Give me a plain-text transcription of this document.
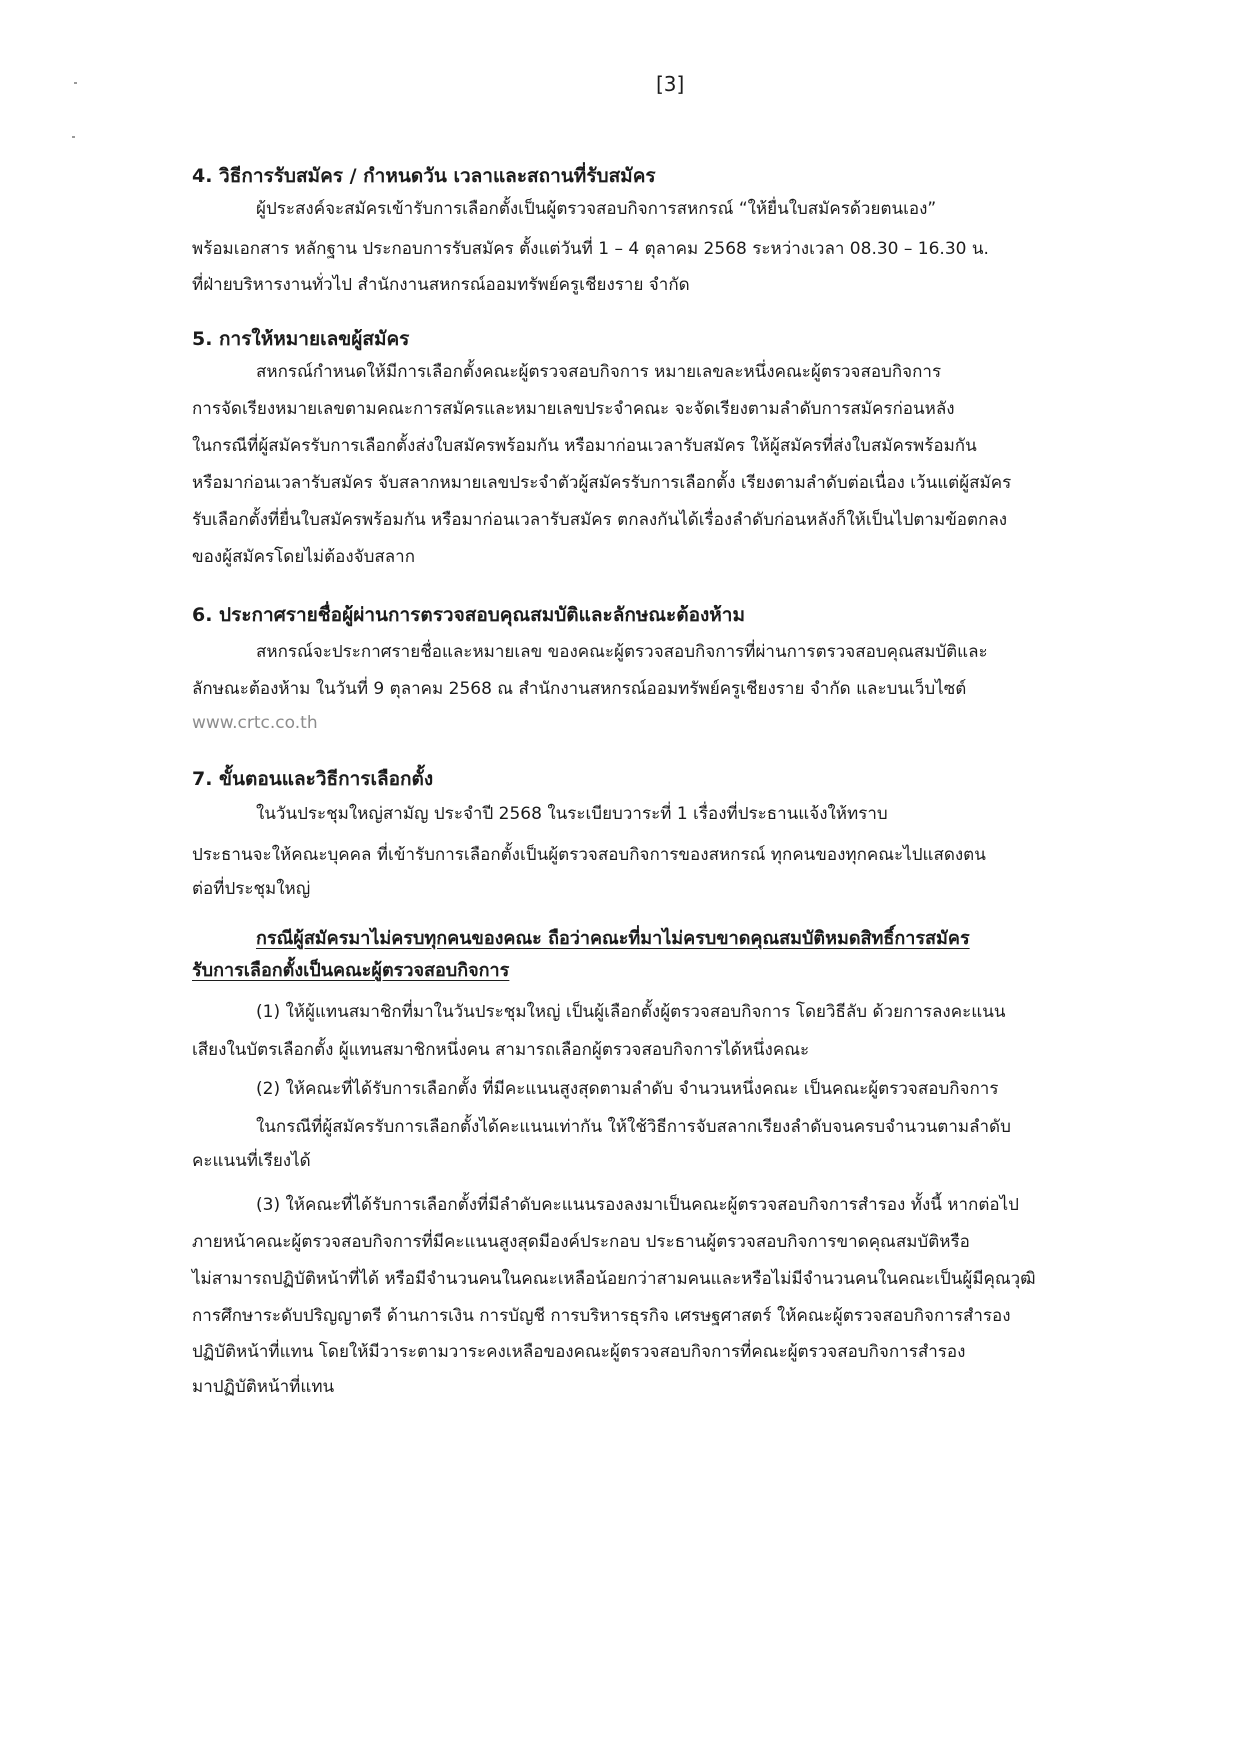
[3]
4. วิธีการรับสมัคร / กำหนดวัน เวลาและสถานที่รับสมัคร
ผู้ประสงค์จะสมัครเข้ารับการเลือกตั้งเป็นผู้ตรวจสอบกิจการสหกรณ์ “ให้ยื่นใบสมัครด้วยตนเอง”
พร้อมเอกสาร หลักฐาน ประกอบการรับสมัคร ตั้งแต่วันที่ 1 – 4 ตุลาคม 2568 ระหว่างเวลา 08.30 – 16.30 น.
ที่ฝ่ายบริหารงานทั่วไป สำนักงานสหกรณ์ออมทรัพย์ครูเชียงราย จำกัด
5. การให้หมายเลขผู้สมัคร
สหกรณ์กำหนดให้มีการเลือกตั้งคณะผู้ตรวจสอบกิจการ หมายเลขละหนึ่งคณะผู้ตรวจสอบกิจการ
การจัดเรียงหมายเลขตามคณะการสมัครและหมายเลขประจำคณะ จะจัดเรียงตามลำดับการสมัครก่อนหลัง
ในกรณีที่ผู้สมัครรับการเลือกตั้งส่งใบสมัครพร้อมกัน หรือมาก่อนเวลารับสมัคร ให้ผู้สมัครที่ส่งใบสมัครพร้อมกัน
หรือมาก่อนเวลารับสมัคร จับสลากหมายเลขประจำตัวผู้สมัครรับการเลือกตั้ง เรียงตามลำดับต่อเนื่อง เว้นแต่ผู้สมัคร
รับเลือกตั้งที่ยื่นใบสมัครพร้อมกัน หรือมาก่อนเวลารับสมัคร ตกลงกันได้เรื่องลำดับก่อนหลังก็ให้เป็นไปตามข้อตกลง
ของผู้สมัครโดยไม่ต้องจับสลาก
6. ประกาศรายชื่อผู้ผ่านการตรวจสอบคุณสมบัติและลักษณะต้องห้าม
สหกรณ์จะประกาศรายชื่อและหมายเลข ของคณะผู้ตรวจสอบกิจการที่ผ่านการตรวจสอบคุณสมบัติและ
ลักษณะต้องห้าม ในวันที่ 9 ตุลาคม 2568 ณ สำนักงานสหกรณ์ออมทรัพย์ครูเชียงราย จำกัด และบนเว็บไซต์
www.crtc.co.th
7. ขั้นตอนและวิธีการเลือกตั้ง
ในวันประชุมใหญ่สามัญ ประจำปี 2568 ในระเบียบวาระที่ 1 เรื่องที่ประธานแจ้งให้ทราบ
ประธานจะให้คณะบุคคล ที่เข้ารับการเลือกตั้งเป็นผู้ตรวจสอบกิจการของสหกรณ์ ทุกคนของทุกคณะไปแสดงตน
ต่อที่ประชุมใหญ่
กรณีผู้สมัครมาไม่ครบทุกคนของคณะ ถือว่าคณะที่มาไม่ครบขาดคุณสมบัติหมดสิทธิ์การสมัคร
รับการเลือกตั้งเป็นคณะผู้ตรวจสอบกิจการ
(1) ให้ผู้แทนสมาชิกที่มาในวันประชุมใหญ่ เป็นผู้เลือกตั้งผู้ตรวจสอบกิจการ โดยวิธีลับ ด้วยการลงคะแนน
เสียงในบัตรเลือกตั้ง ผู้แทนสมาชิกหนึ่งคน สามารถเลือกผู้ตรวจสอบกิจการได้หนึ่งคณะ
(2) ให้คณะที่ได้รับการเลือกตั้ง ที่มีคะแนนสูงสุดตามลำดับ จำนวนหนึ่งคณะ เป็นคณะผู้ตรวจสอบกิจการ
ในกรณีที่ผู้สมัครรับการเลือกตั้งได้คะแนนเท่ากัน ให้ใช้วิธีการจับสลากเรียงลำดับจนครบจำนวนตามลำดับ
คะแนนที่เรียงได้
(3) ให้คณะที่ได้รับการเลือกตั้งที่มีลำดับคะแนนรองลงมาเป็นคณะผู้ตรวจสอบกิจการสำรอง ทั้งนี้ หากต่อไป
ภายหน้าคณะผู้ตรวจสอบกิจการที่มีคะแนนสูงสุดมีองค์ประกอบ ประธานผู้ตรวจสอบกิจการขาดคุณสมบัติหรือ
ไม่สามารถปฏิบัติหน้าที่ได้ หรือมีจำนวนคนในคณะเหลือน้อยกว่าสามคนและหรือไม่มีจำนวนคนในคณะเป็นผู้มีคุณวุฒิ
การศึกษาระดับปริญญาตรี ด้านการเงิน การบัญชี การบริหารธุรกิจ เศรษฐศาสตร์ ให้คณะผู้ตรวจสอบกิจการสำรอง
ปฏิบัติหน้าที่แทน โดยให้มีวาระตามวาระคงเหลือของคณะผู้ตรวจสอบกิจการที่คณะผู้ตรวจสอบกิจการสำรอง
มาปฏิบัติหน้าที่แทน
